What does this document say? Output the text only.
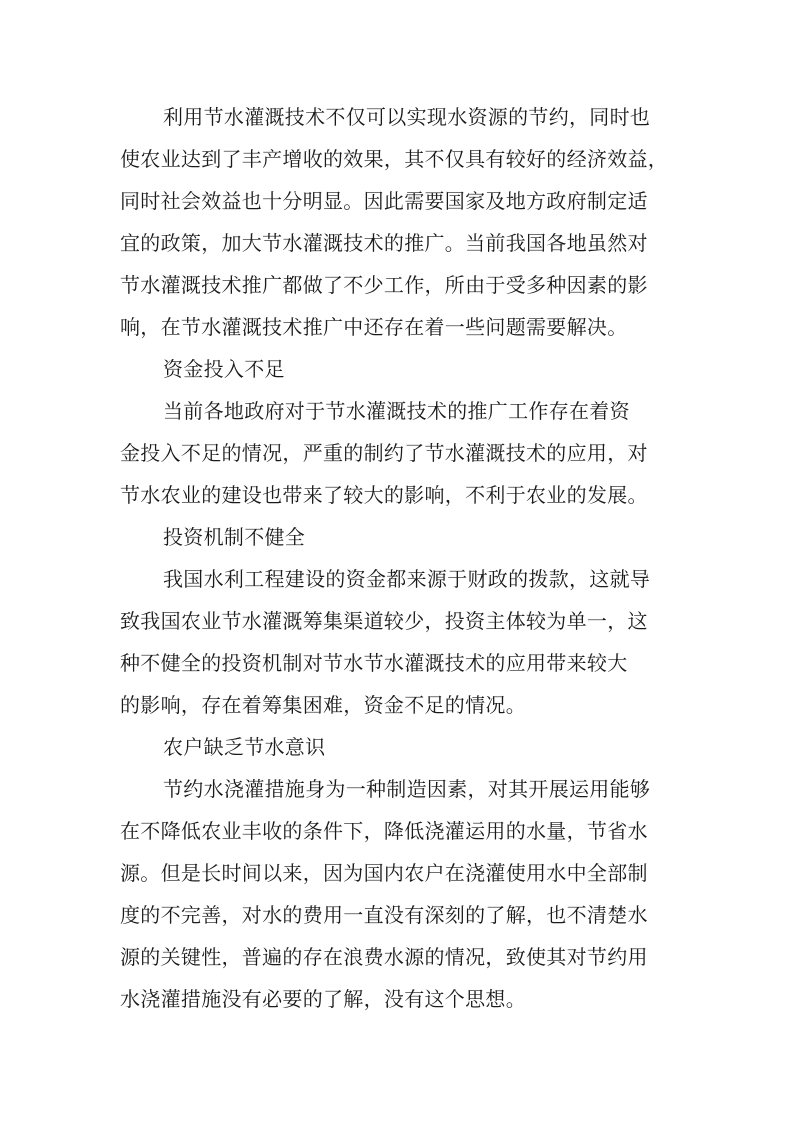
利用节水灌溉技术不仅可以实现水资源的节约，同时也
使农业达到了丰产增收的效果，其不仅具有较好的经济效益，
同时社会效益也十分明显。因此需要国家及地方政府制定适
宜的政策，加大节水灌溉技术的推广。当前我国各地虽然对
节水灌溉技术推广都做了不少工作，所由于受多种因素的影
响，在节水灌溉技术推广中还存在着一些问题需要解决。
资金投入不足
当前各地政府对于节水灌溉技术的推广工作存在着资
金投入不足的情况，严重的制约了节水灌溉技术的应用，对
节水农业的建设也带来了较大的影响，不利于农业的发展。
投资机制不健全
我国水利工程建设的资金都来源于财政的拨款，这就导
致我国农业节水灌溉筹集渠道较少，投资主体较为单一，这
种不健全的投资机制对节水节水灌溉技术的应用带来较大
的影响，存在着筹集困难，资金不足的情况。
农户缺乏节水意识
节约水浇灌措施身为一种制造因素，对其开展运用能够
在不降低农业丰收的条件下，降低浇灌运用的水量，节省水
源。但是长时间以来，因为国内农户在浇灌使用水中全部制
度的不完善，对水的费用一直没有深刻的了解，也不清楚水
源的关键性，普遍的存在浪费水源的情况，致使其对节约用
水浇灌措施没有必要的了解，没有这个思想。
